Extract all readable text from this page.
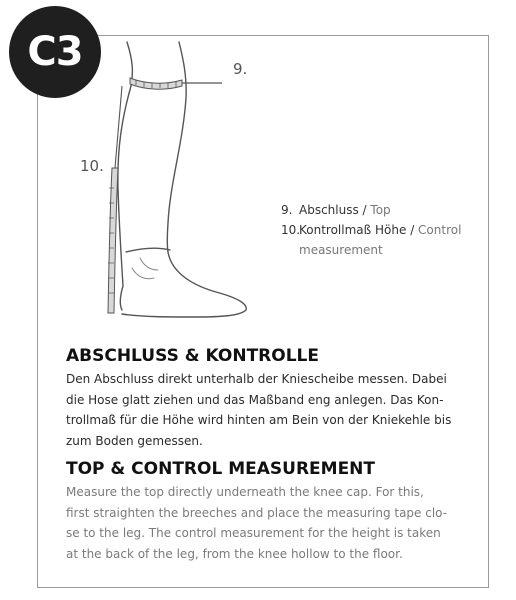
C3	9.
10.
9. Abschluss / Top
10.
Kontrollmaß Höhe / Control measurement
ABSCHLUSS & KONTROLLE
Den Abschluss direkt unterhalb der Kniescheibe messen. Dabei
die Hose glatt ziehen und das Maßband eng anlegen. Das Kon-
trollmaß für die Höhe wird hinten am Bein von der Kniekehle bis
zum Boden gemessen.
TOP & CONTROL MEASUREMENT
Measure the top directly underneath the knee cap. For this,
first straighten the breeches and place the measuring tape clo-
se to the leg. The control measurement for the height is taken
at the back of the leg, from the knee hollow to the floor.
